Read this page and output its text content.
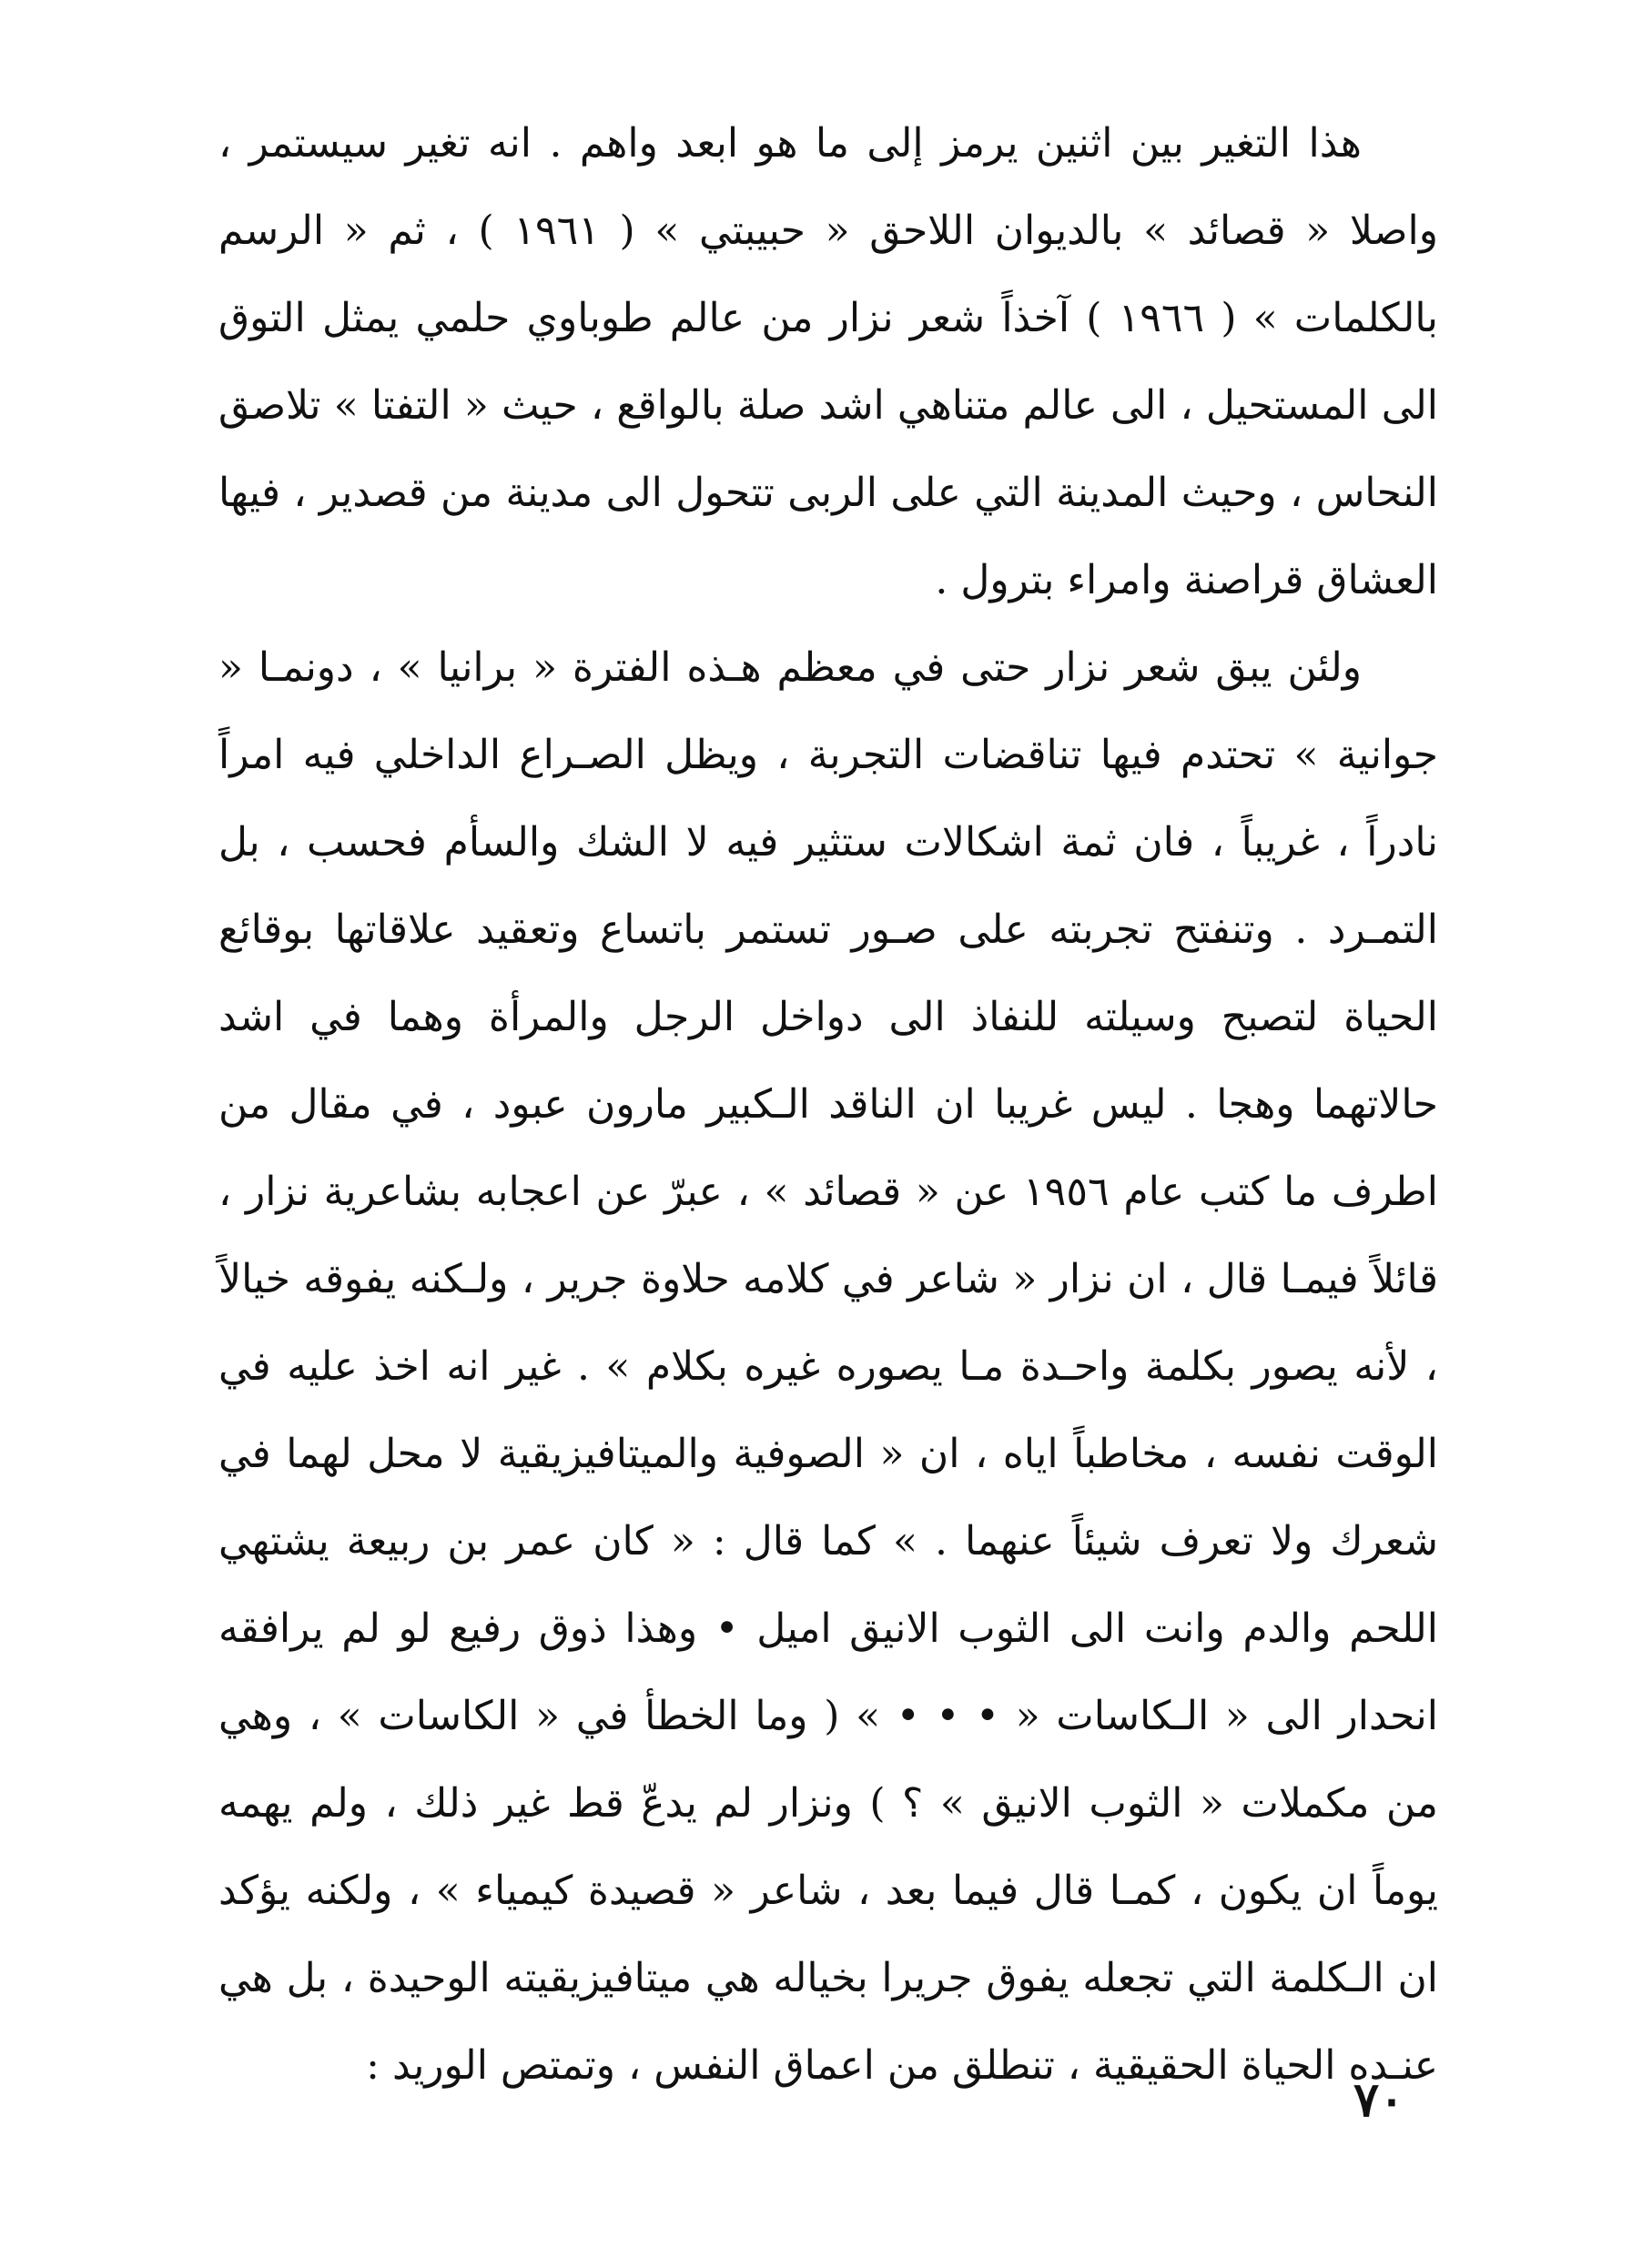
هذا التغير بين اثنين يرمز إلى ما هو ابعد واهم . انه تغير سيستمر ، واصلا « قصائد » بالديوان اللاحق « حبيبتي » ( ١٩٦١ ) ، ثم « الرسم بالكلمات » ( ١٩٦٦ ) آخذاً شعر نزار من عالم طوباوي حلمي يمثل التوق الى المستحيل ، الى عالم متناهي اشد صلة بالواقع ، حيث « التفتا » تلاصق النحاس ، وحيث المدينة التي على الربى تتحول الى مدينة من قصدير ، فيها العشاق قراصنة وامراء بترول .

ولئن يبق شعر نزار حتى في معظم هـذه الفترة « برانيا » ، دونمـا « جوانية » تحتدم فيها تناقضات التجربة ، ويظل الصـراع الداخلي فيه امراً نادراً ، غريباً ، فان ثمة اشكالات ستثير فيه لا الشك والسأم فحسب ، بل التمـرد . وتنفتح تجربته على صـور تستمر باتساع وتعقيد علاقاتها بوقائع الحياة لتصبح وسيلته للنفاذ الى دواخل الرجل والمرأة وهما في اشد حالاتهما وهجا . ليس غريبا ان الناقد الـكبير مارون عبود ، في مقال من اطرف ما كتب عام ١٩٥٦ عن « قصائد » ، عبرّ عن اعجابه بشاعرية نزار ، قائلاً فيمـا قال ، ان نزار « شاعر في كلامه حلاوة جرير ، ولـكنه يفوقه خيالاً ، لأنه يصور بكلمة واحـدة مـا يصوره غيره بكلام » . غير انه اخذ عليه في الوقت نفسه ، مخاطباً اياه ، ان « الصوفية والميتافيزيقية لا محل لهما في شعرك ولا تعرف شيئاً عنهما . » كما قال : « كان عمر بن ربيعة يشتهي اللحم والدم وانت الى الثوب الانيق اميل • وهذا ذوق رفيع لو لم يرافقه انحدار الى « الـكاسات « • • • » ( وما الخطأ في « الكاسات » ، وهي من مكملات « الثوب الانيق » ؟ ) ونزار لم يدعّ قط غير ذلك ، ولم يهمه يوماً ان يكون ، كمـا قال فيما بعد ، شاعر « قصيدة كيمياء » ، ولكنه يؤكد ان الـكلمة التي تجعله يفوق جريرا بخياله هي ميتافيزيقيته الوحيدة ، بل هي عنـده الحياة الحقيقية ، تنطلق من اعماق النفس ، وتمتص الوريد :

٧٠
